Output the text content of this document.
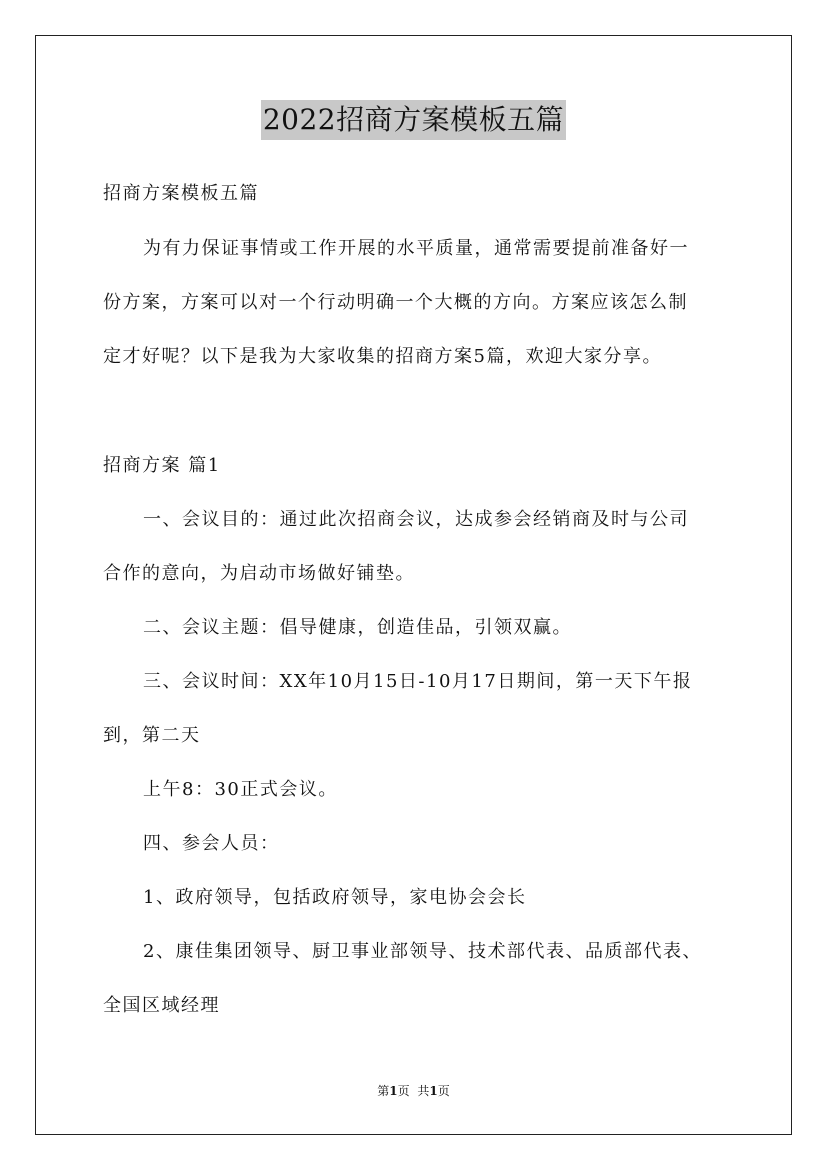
2022招商方案模板五篇
招商方案模板五篇
为有力保证事情或工作开展的水平质量，通常需要提前准备好一
份方案，方案可以对一个行动明确一个大概的方向。方案应该怎么制
定才好呢？以下是我为大家收集的招商方案5篇，欢迎大家分享。
招商方案 篇1
一、会议目的：通过此次招商会议，达成参会经销商及时与公司
合作的意向，为启动市场做好铺垫。
二、会议主题：倡导健康，创造佳品，引领双赢。
三、会议时间：XX年10月15日-10月17日期间，第一天下午报
到，第二天
上午8：30正式会议。
四、参会人员：
1、政府领导，包括政府领导，家电协会会长
2、康佳集团领导、厨卫事业部领导、技术部代表、品质部代表、
全国区域经理
第1页 共1页
